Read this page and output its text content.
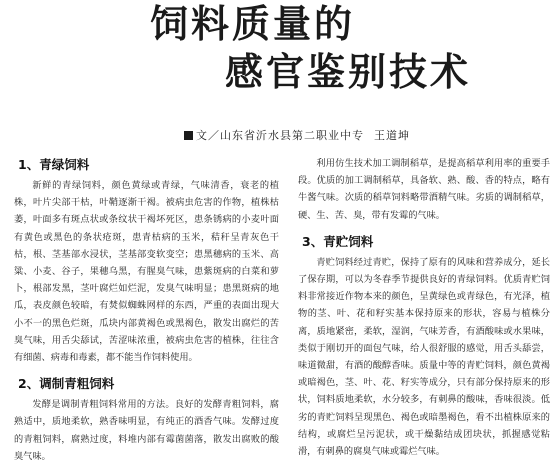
饲料质量的
感官鉴别技术
文／山东省沂水县第二职业中专 王道坤
1、青绿饲料

新鲜的青绿饲料，颜色黄绿或青绿，气味清香，衰老的植株，叶片尖部干枯，叶鞘逐渐干褐。被病虫危害的作物，植株枯萎，叶面多有斑点状或条纹状干褐坏死区，患条锈病的小麦叶面有黄色或黑色的条状疮斑，患青枯病的玉米，秸秆呈青灰色干枯，根、茎基部水浸状，茎基部变软变空；患黑穗病的玉米、高粱、小麦、谷子，果穗乌黑，有腥臭气味，患紫斑病的白菜和萝卜，根部发黑，茎叶腐烂如烂泥，发臭气味明显；患黑斑病的地瓜，表皮颜色较暗，有焚似蜘蛛网样的东西，严重的表面出现大小不一的黑色烂斑，瓜块内部黄褐色或黑褐色，散发出腐烂的苦臭气味，用舌尖舔试，苦涩味浓重，被病虫危害的植株，往往含有细菌、病毒和毒素，都不能当作饲料使用。

2、调制青粗饲料

发酵是调制青粗饲料常用的方法。良好的发酵青粗饲料，腐熟适中，质地柔软，熟香味明显，有纯正的酒香气味。发酵过度的青粗饲料，腐熟过度，料堆内部有霉菌菌落，散发出腐败的酸臭气味。

利用仿生技术加工调制稻草，是提高稻草利用率的重要手段。优质的加工调制稻草，具备软、熟、酸、香的特点，略有牛酱气味。次质的稻草饲料略带酒精气味。劣质的调制稻草，硬、生、苦、臭，带有发霉的气味。

3、青贮饲料

青贮饲料经过青贮，保持了原有的风味和营养成分，延长了保存期，可以为冬春季节提供良好的青绿饲料。优质青贮饲料非常接近作物本来的颜色，呈黄绿色或青绿色，有光泽，植物的茎、叶、花和籽实基本保持原来的形状，容易与植株分离，质地紧密，柔软，湿润，气味芳香，有酒酸味或水果味，类似于刚切开的面包气味，给人很舒服的感觉，用舌头舔尝，味道微甜，有酒的酸醇香味。质量中等的青贮饲料，颜色黄褐或暗褐色，茎、叶、花、籽实等成分，只有部分保持原来的形状，饲料质地柔软，水分较多，有刺鼻的酸味，香味很淡。低劣的青贮饲料呈现黑色、褐色或暗墨褐色，看不出植株原来的结构，或腐烂呈污泥状，或干燥黏结成团块状，抓握感觉粘滑，有刺鼻的腐臭气味或霉烂气味。
